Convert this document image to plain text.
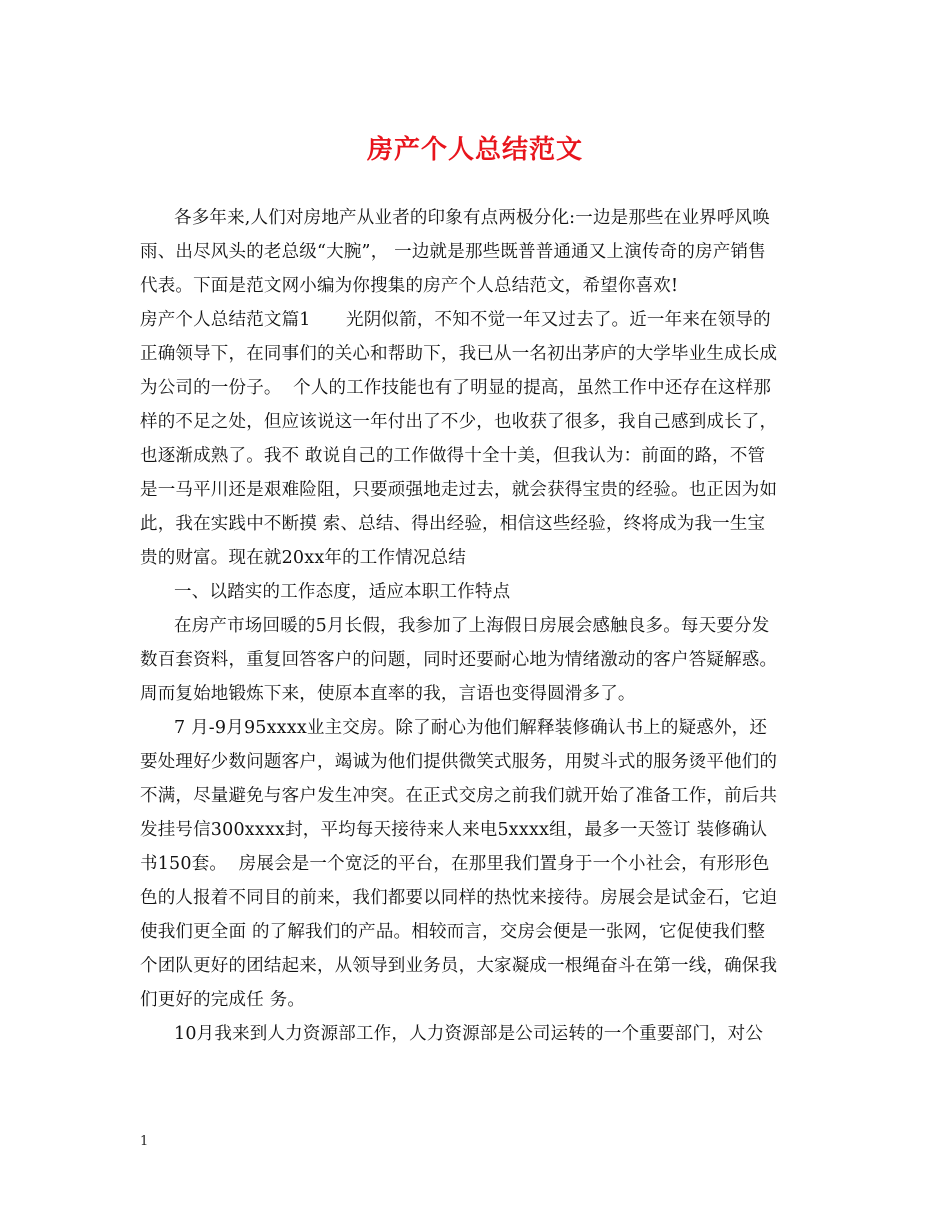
房产个人总结范文
各多年来,人们对房地产从业者的印象有点两极分化:一边是那些在业界呼风唤
雨、出尽风头的老总级“大腕”， 一边就是那些既普普通通又上演传奇的房产销售
代表。下面是范文网小编为你搜集的房产个人总结范文，希望你喜欢!
房产个人总结范文篇1　　光阴似箭，不知不觉一年又过去了。近一年来在领导的
正确领导下，在同事们的关心和帮助下，我已从一名初出茅庐的大学毕业生成长成
为公司的一份子。  个人的工作技能也有了明显的提高，虽然工作中还存在这样那
样的不足之处，但应该说这一年付出了不少，也收获了很多，我自己感到成长了，
也逐渐成熟了。我不 敢说自己的工作做得十全十美，但我认为：前面的路，不管
是一马平川还是艰难险阻，只要顽强地走过去，就会获得宝贵的经验。也正因为如
此，我在实践中不断摸 索、总结、得出经验，相信这些经验，终将成为我一生宝
贵的财富。现在就20xx年的工作情况总结
一、以踏实的工作态度，适应本职工作特点
在房产市场回暖的5月长假，我参加了上海假日房展会感触良多。每天要分发
数百套资料，重复回答客户的问题，同时还要耐心地为情绪激动的客户答疑解惑。
周而复始地锻炼下来，使原本直率的我，言语也变得圆滑多了。
7 月-9月95xxxx业主交房。除了耐心为他们解释装修确认书上的疑惑外，还
要处理好少数问题客户，竭诚为他们提供微笑式服务，用熨斗式的服务烫平他们的
不满，尽量避免与客户发生冲突。在正式交房之前我们就开始了准备工作，前后共
发挂号信300xxxx封，平均每天接待来人来电5xxxx组，最多一天签订 装修确认
书150套。  房展会是一个宽泛的平台，在那里我们置身于一个小社会，有形形色
色的人报着不同目的前来，我们都要以同样的热忱来接待。房展会是试金石，它迫
使我们更全面 的了解我们的产品。相较而言，交房会便是一张网，它促使我们整
个团队更好的团结起来，从领导到业务员，大家凝成一根绳奋斗在第一线，确保我
们更好的完成任 务。
10月我来到人力资源部工作，人力资源部是公司运转的一个重要部门，对公
1
